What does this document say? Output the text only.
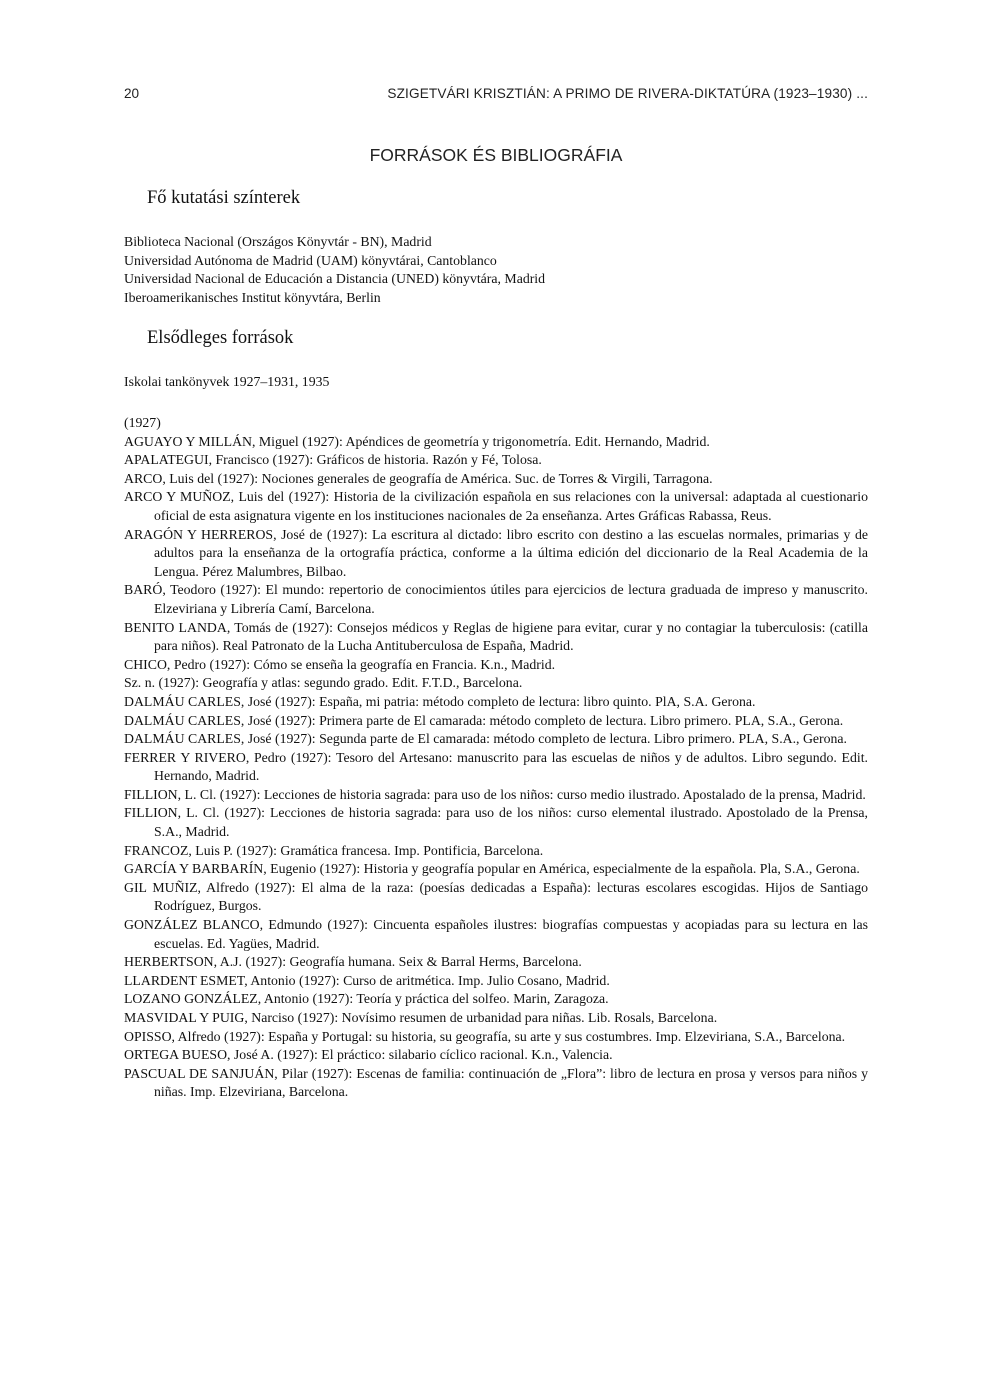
20	SZIGETVÁRI KRISZTIÁN: A PRIMO DE RIVERA-DIKTATÚRA (1923–1930) ...
FORRÁSOK ÉS BIBLIOGRÁFIA
Fő kutatási színterek
Biblioteca Nacional (Országos Könyvtár - BN), Madrid
Universidad Autónoma de Madrid (UAM) könyvtárai, Cantoblanco
Universidad Nacional de Educación a Distancia (UNED) könyvtára, Madrid
Iberoamerikanisches Institut könyvtára, Berlin
Elsődleges források
Iskolai tankönyvek 1927–1931, 1935
(1927)
AGUAYO Y MILLÁN, Miguel (1927): Apéndices de geometría y trigonometría. Edit. Hernando, Madrid.
APALATEGUI, Francisco (1927): Gráficos de historia. Razón y Fé, Tolosa.
ARCO, Luis del (1927): Nociones generales de geografía de América. Suc. de Torres & Virgili, Tarragona.
ARCO Y MUÑOZ, Luis del (1927): Historia de la civilización española en sus relaciones con la universal: adaptada al cuestionario oficial de esta asignatura vigente en los instituciones nacionales de 2a enseñanza. Artes Gráficas Rabassa, Reus.
ARAGÓN Y HERREROS, José de (1927): La escritura al dictado: libro escrito con destino a las escuelas normales, primarias y de adultos para la enseñanza de la ortografía práctica, conforme a la última edición del diccionario de la Real Academia de la Lengua. Pérez Malumbres, Bilbao.
BARÓ, Teodoro (1927): El mundo: repertorio de conocimientos útiles para ejercicios de lectura graduada de impreso y manuscrito. Elzeviriana y Librería Camí, Barcelona.
BENITO LANDA, Tomás de (1927): Consejos médicos y Reglas de higiene para evitar, curar y no contagiar la tuberculosis: (catilla para niños). Real Patronato de la Lucha Antituberculosa de España, Madrid.
CHICO, Pedro (1927): Cómo se enseña la geografía en Francia. K.n., Madrid.
Sz. n. (1927): Geografía y atlas: segundo grado. Edit. F.T.D., Barcelona.
DALMÁU CARLES, José (1927): España, mi patria: método completo de lectura: libro quinto. PlA, S.A. Gerona.
DALMÁU CARLES, José (1927): Primera parte de El camarada: método completo de lectura. Libro primero. PLA, S.A., Gerona.
DALMÁU CARLES, José (1927): Segunda parte de El camarada: método completo de lectura. Libro primero. PLA, S.A., Gerona.
FERRER Y RIVERO, Pedro (1927): Tesoro del Artesano: manuscrito para las escuelas de niños y de adultos. Libro segundo. Edit. Hernando, Madrid.
FILLION, L. Cl. (1927): Lecciones de historia sagrada: para uso de los niños: curso medio ilustrado. Apostalado de la prensa, Madrid.
FILLION, L. Cl. (1927): Lecciones de historia sagrada: para uso de los niños: curso elemental ilustrado. Apostolado de la Prensa, S.A., Madrid.
FRANCOZ, Luis P. (1927): Gramática francesa. Imp. Pontificia, Barcelona.
GARCÍA Y BARBARÍN, Eugenio (1927): Historia y geografía popular en América, especialmente de la española. Pla, S.A., Gerona.
GIL MUÑIZ, Alfredo (1927): El alma de la raza: (poesías dedicadas a España): lecturas escolares escogidas. Hijos de Santiago Rodríguez, Burgos.
GONZÁLEZ BLANCO, Edmundo (1927): Cincuenta españoles ilustres: biografías compuestas y acopiadas para su lectura en las escuelas. Ed. Yagües, Madrid.
HERBERTSON, A.J. (1927): Geografía humana. Seix & Barral Herms, Barcelona.
LLARDENT ESMET, Antonio (1927): Curso de aritmética. Imp. Julio Cosano, Madrid.
LOZANO GONZÁLEZ, Antonio (1927): Teoría y práctica del solfeo. Marin, Zaragoza.
MASVIDAL Y PUIG, Narciso (1927): Novísimo resumen de urbanidad para niñas. Lib. Rosals, Barcelona.
OPISSO, Alfredo (1927): España y Portugal: su historia, su geografía, su arte y sus costumbres. Imp. Elzeviriana, S.A., Barcelona.
ORTEGA BUESO, José A. (1927): El práctico: silabario cíclico racional. K.n., Valencia.
PASCUAL DE SANJUÁN, Pilar (1927): Escenas de familia: continuación de „Flora”: libro de lectura en prosa y versos para niños y niñas. Imp. Elzeviriana, Barcelona.
